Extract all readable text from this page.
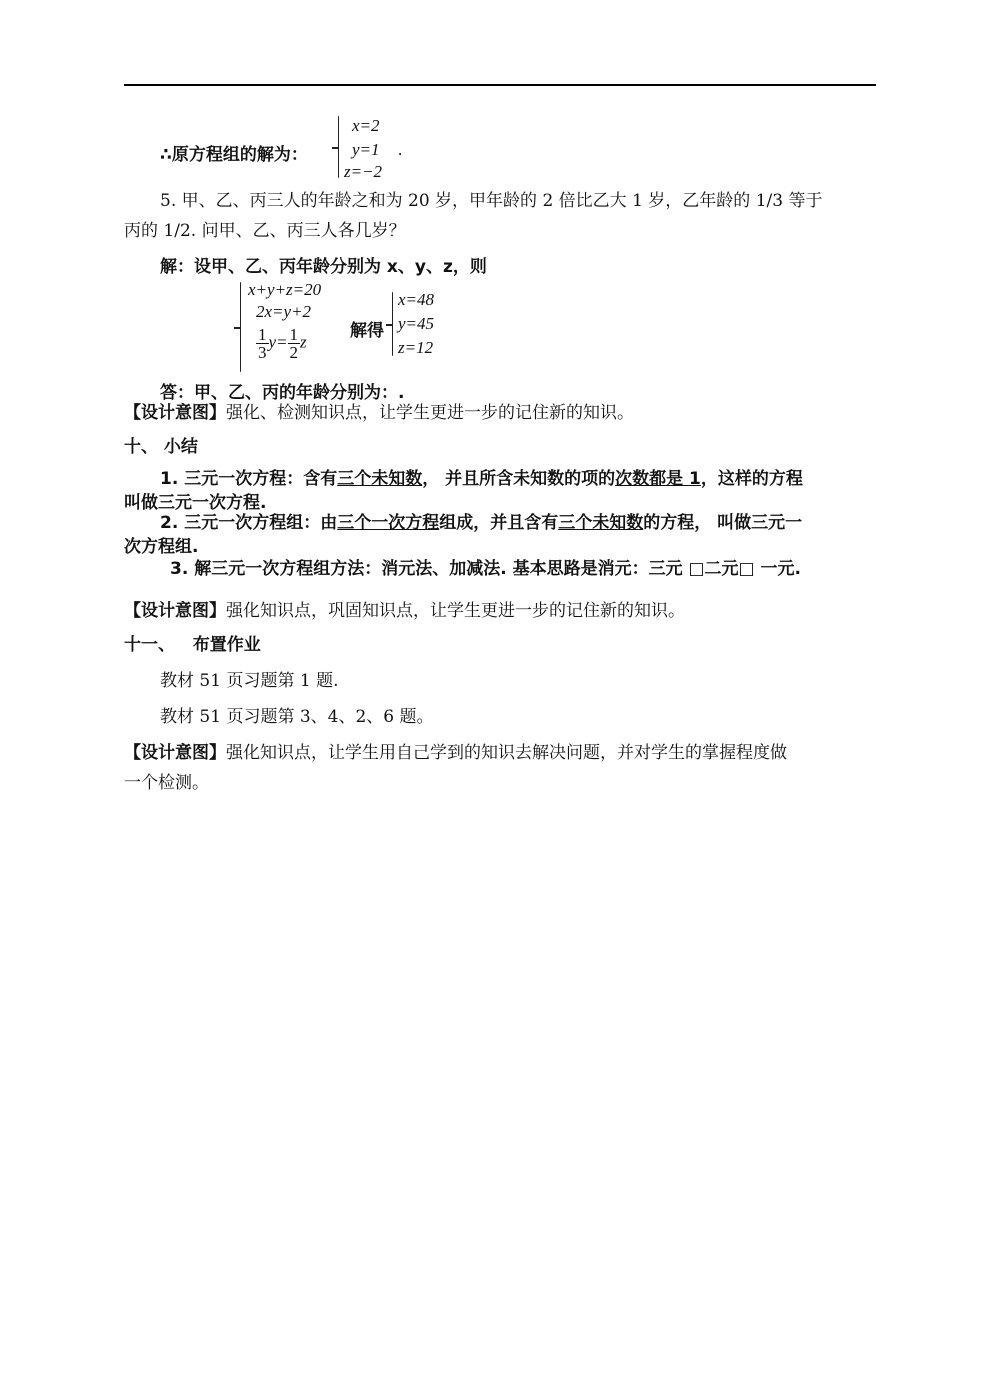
∴原方程组的解为：
x=2
y=1
z=−2
.
5. 甲、乙、丙三人的年龄之和为 20 岁，甲年龄的 2 倍比乙大 1 岁，乙年龄的 1/3 等于
丙的 1/2. 问甲、乙、丙三人各几岁？
解：设甲、乙、丙年龄分别为 x、y、z，则
x+y+z=20
2x=y+2
$\frac{1}{3} y= \frac{1}{2}$ z
解得
x=48
y=45
z=12
答：甲、乙、丙的年龄分别为：.
【设计意图】强化、检测知识点，让学生更进一步的记住新的知识。
十、 小结
1. 三元一次方程：含有三个未知数， 并且所含未知数的项的次数都是 1，这样的方程
叫做三元一次方程.
2. 三元一次方程组：由三个一次方程组成，并且含有三个未知数的方程， 叫做三元一
次方程组.
3. 解三元一次方程组方法：消元法、加减法. 基本思路是消元：三元 □二元□ 一元.
【设计意图】强化知识点，巩固知识点，让学生更进一步的记住新的知识。
十一、   布置作业
教材 51 页习题第 1 题.
教材 51 页习题第 3、4、2、6 题。
【设计意图】强化知识点，让学生用自己学到的知识去解决问题，并对学生的掌握程度做
一个检测。
